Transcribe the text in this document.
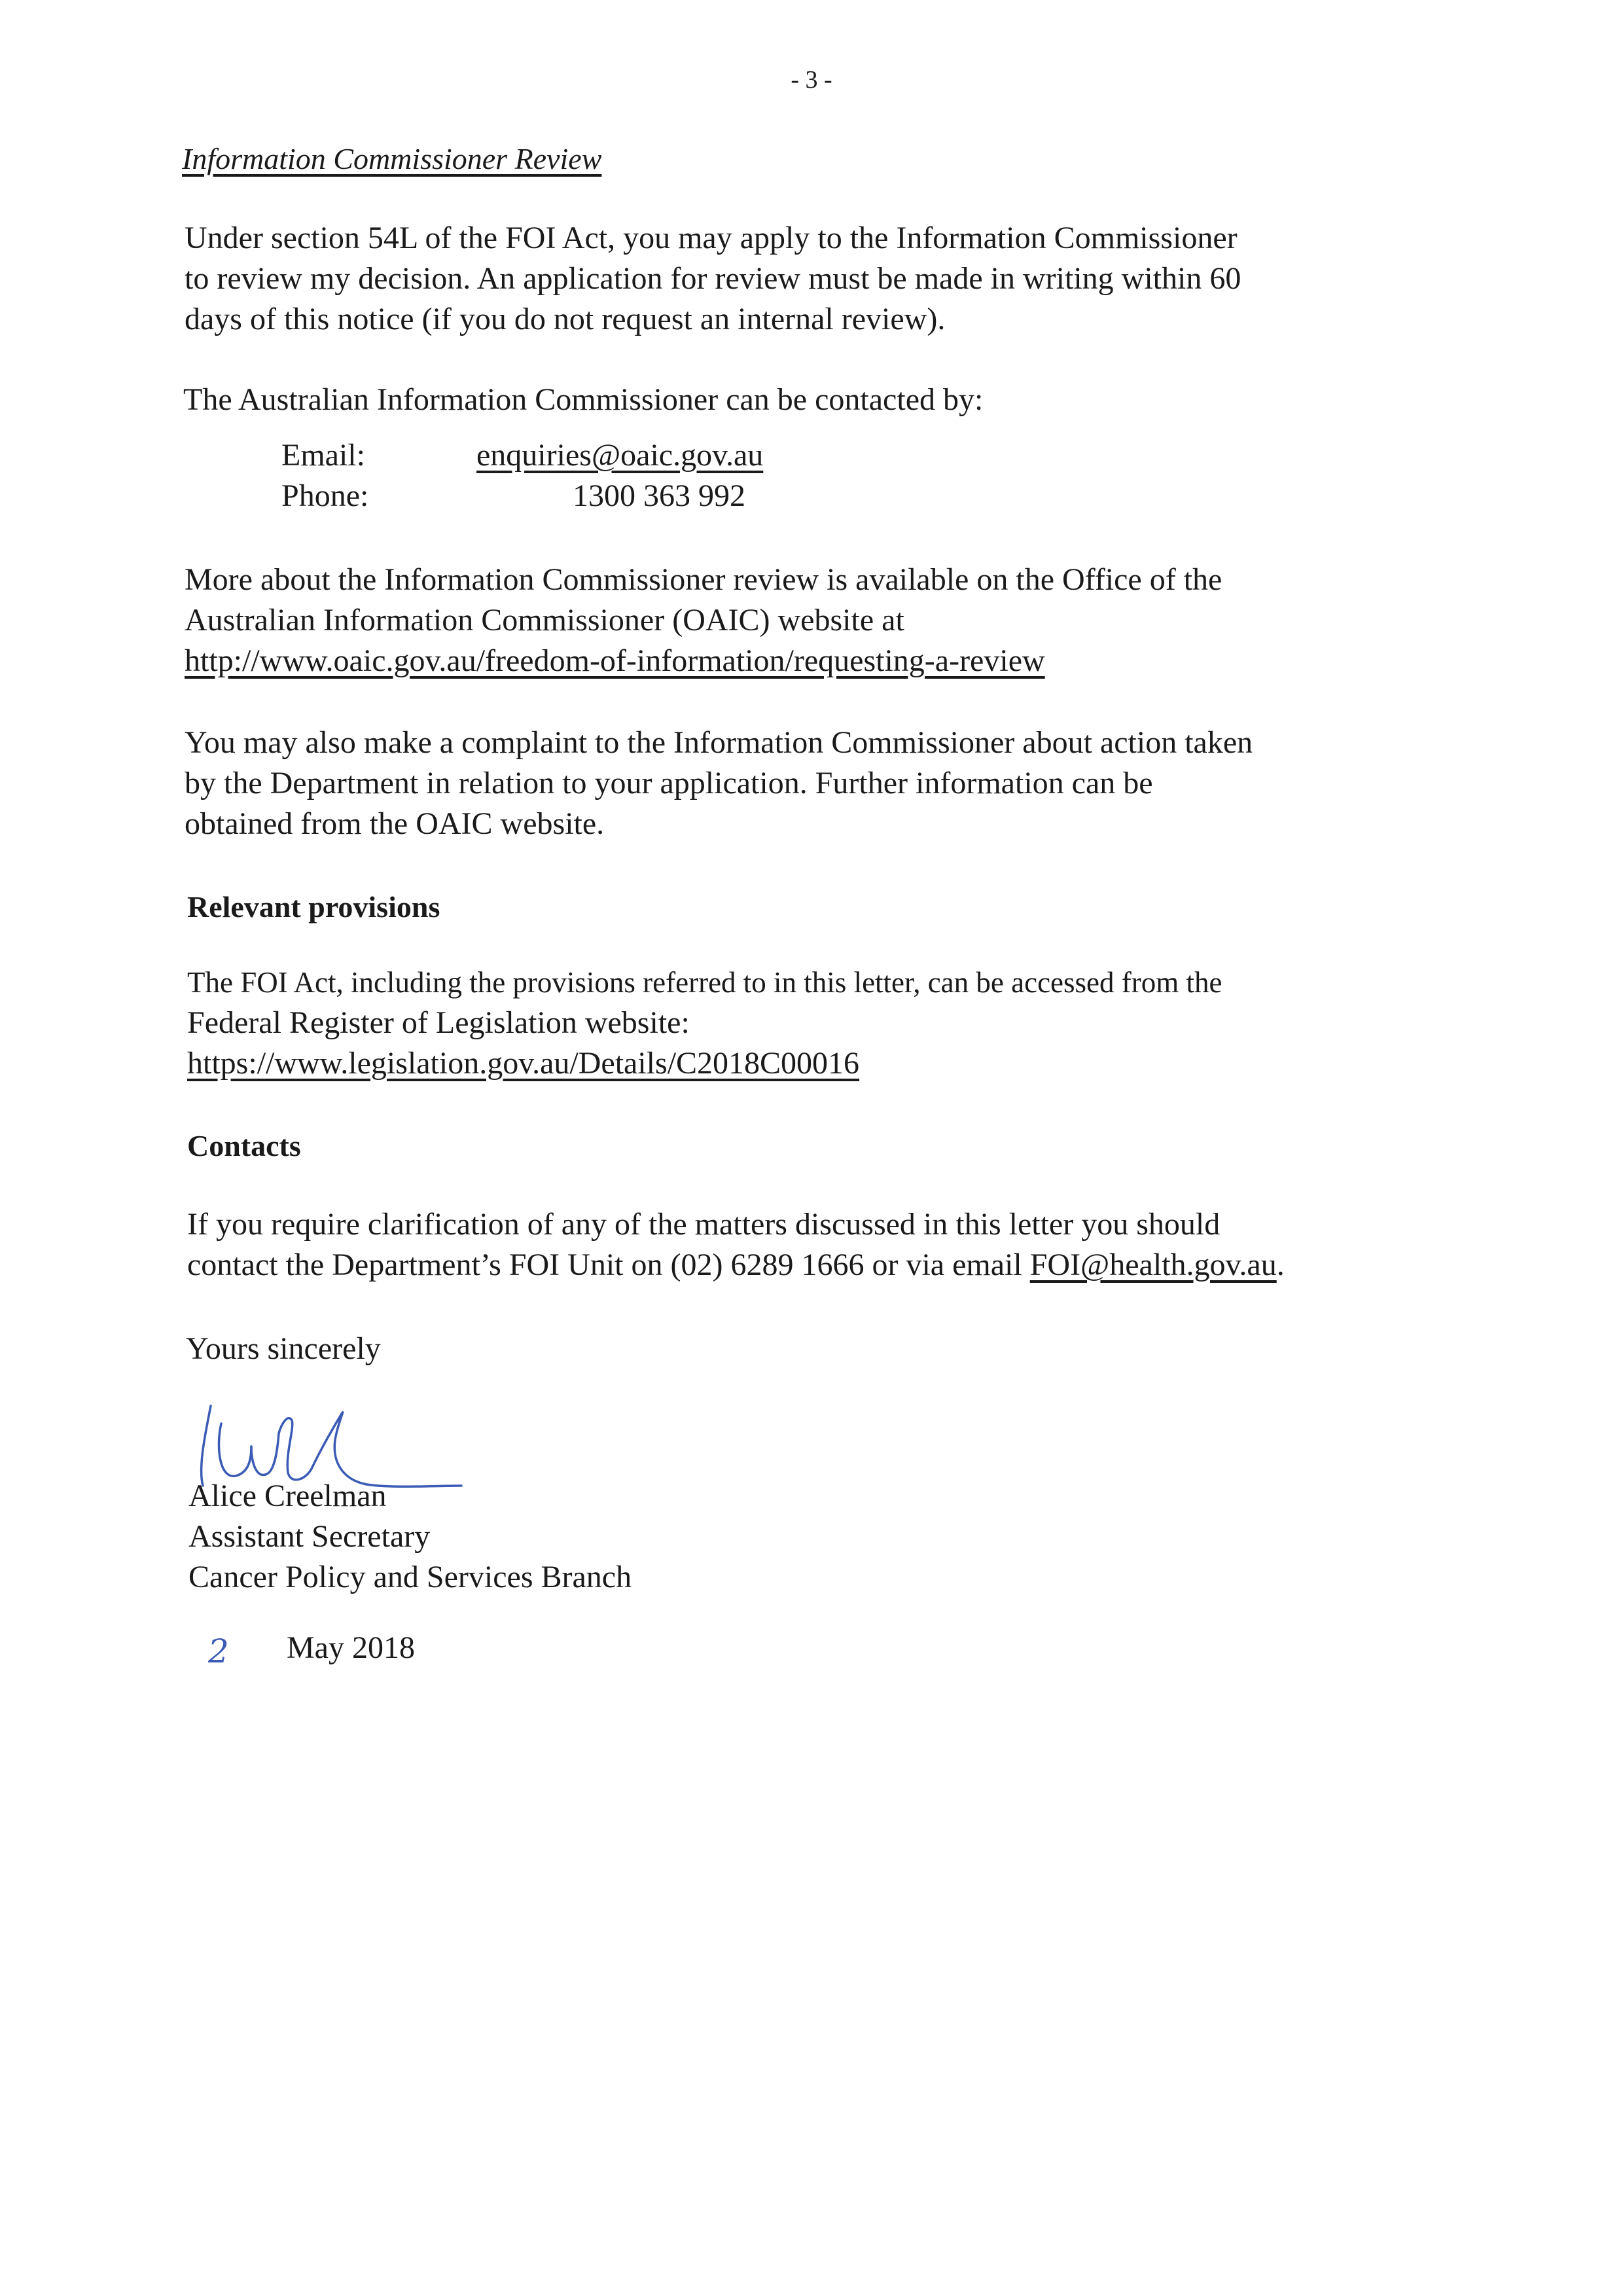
- 3 -
Information Commissioner Review

Under section 54L of the FOI Act, you may apply to the Information Commissioner

to review my decision. An application for review must be made in writing within 60

days of this notice (if you do not request an internal review).

The Australian Information Commissioner can be contacted by:
Email:	enquiries@oaic.gov.au
Phone:	1300 363 992

More about the Information Commissioner review is available on the Office of the

Australian Information Commissioner (OAIC) website at

http://www.oaic.gov.au/freedom-of-information/requesting-a-review

You may also make a complaint to the Information Commissioner about action taken

by the Department in relation to your application. Further information can be

obtained from the OAIC website.

Relevant provisions

The FOI Act, including the provisions referred to in this letter, can be accessed from the

Federal Register of Legislation website:

https://www.legislation.gov.au/Details/C2018C00016

Contacts

If you require clarification of any of the matters discussed in this letter you should

contact the Department’s FOI Unit on (02) 6289 1666 or via email FOI@health.gov.au.

Yours sincerely
Alice Creelman
Assistant Secretary
Cancer Policy and Services Branch
2 May 2018
